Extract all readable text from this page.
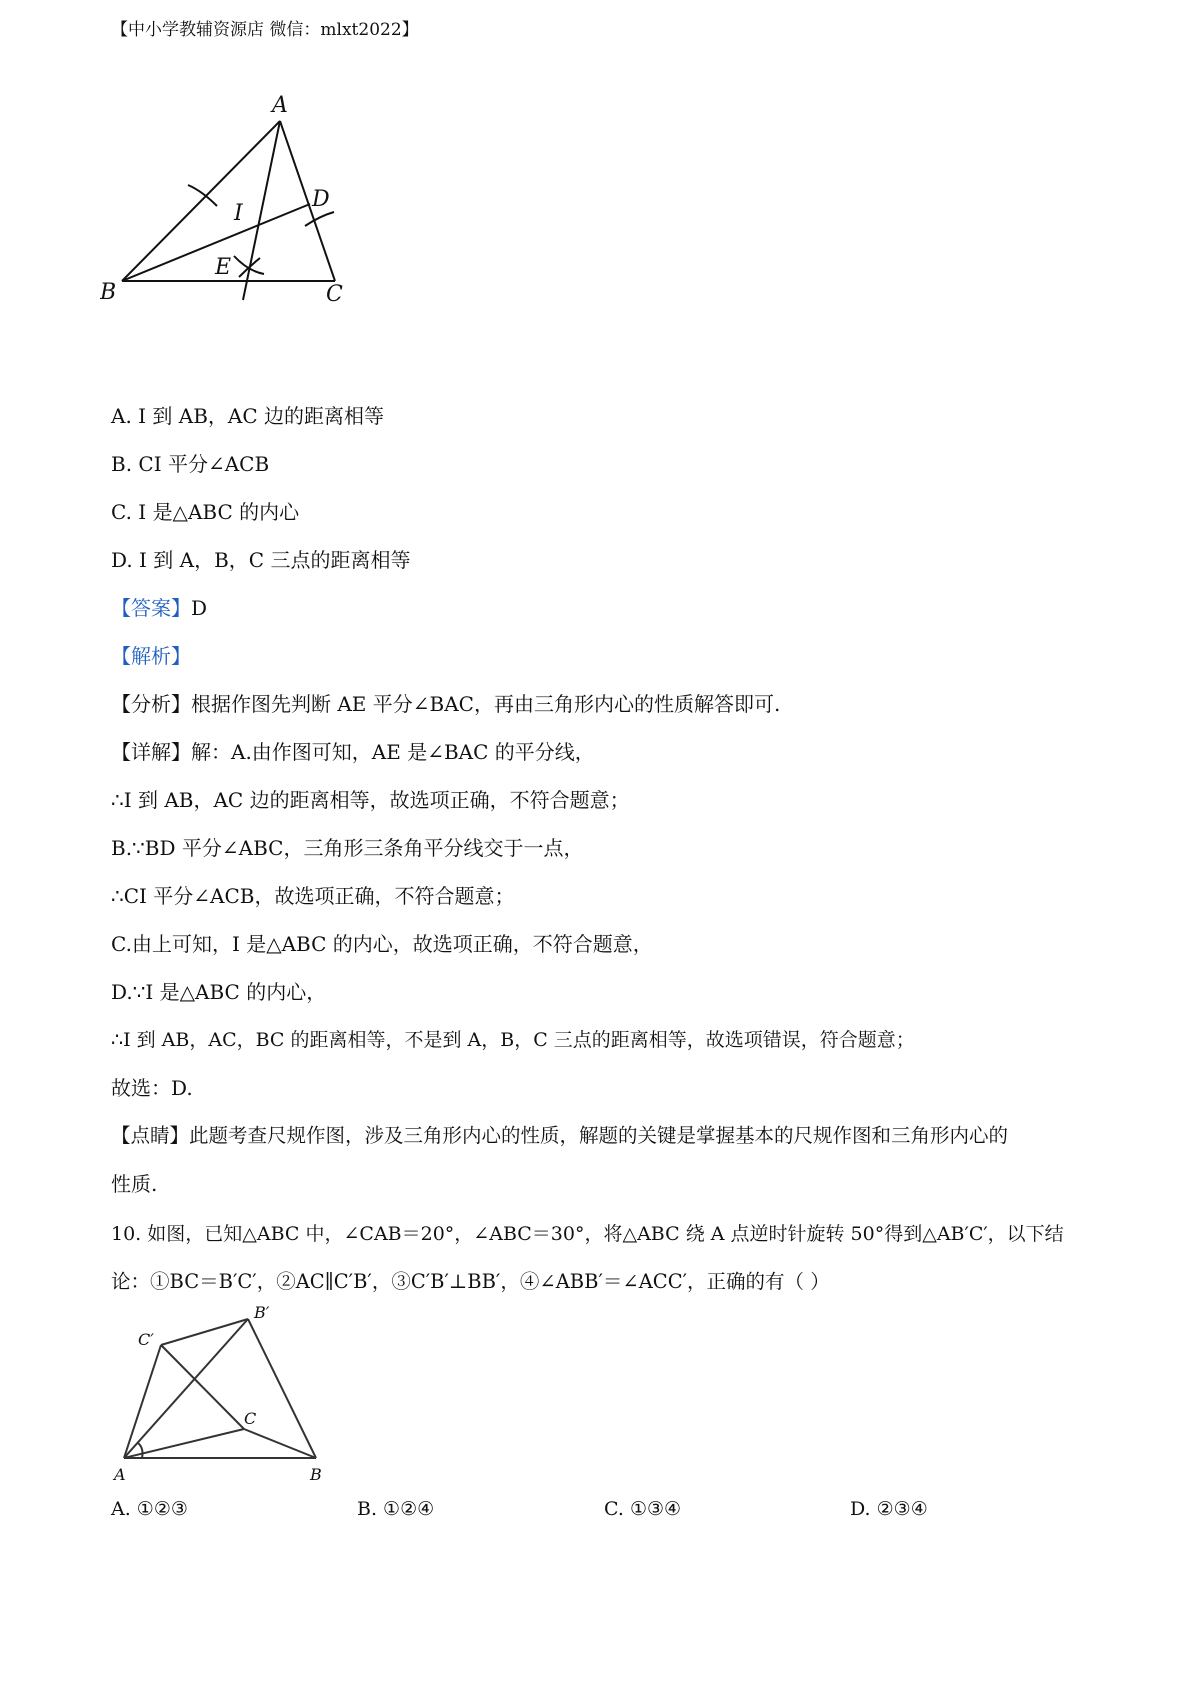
【中小学教辅资源店 微信：mlxt2022】
A
D
I
E
B	C
A. I 到 AB，AC 边的距离相等
B. CI 平分∠ACB
C. I 是△ABC 的内心
D. I 到 A，B，C 三点的距离相等
【答案】D
【解析】
【分析】根据作图先判断 AE 平分∠BAC，再由三角形内心的性质解答即可.
【详解】解：A.由作图可知，AE 是∠BAC 的平分线，
∴I 到 AB，AC 边的距离相等，故选项正确，不符合题意；
B.∵BD 平分∠ABC，三角形三条角平分线交于一点，
∴CI 平分∠ACB，故选项正确，不符合题意；
C.由上可知，I 是△ABC 的内心，故选项正确，不符合题意，
D.∵I 是△ABC 的内心，
∴I 到 AB，AC，BC 的距离相等，不是到 A，B，C 三点的距离相等，故选项错误，符合题意；
故选：D.
【点睛】此题考查尺规作图，涉及三角形内心的性质，解题的关键是掌握基本的尺规作图和三角形内心的
性质.
10. 如图，已知△ABC 中，∠CAB＝20°，∠ABC＝30°，将△ABC 绕 A 点逆时针旋转 50°得到△AB′C′，以下结
论：①BC＝B′C′，②AC∥C′B′，③C′B′⊥BB′，④∠ABB′＝∠ACC′，正确的有（ ）
B′
C′
C
A	B
A. ①②③	B. ①②④	C. ①③④	D. ②③④
